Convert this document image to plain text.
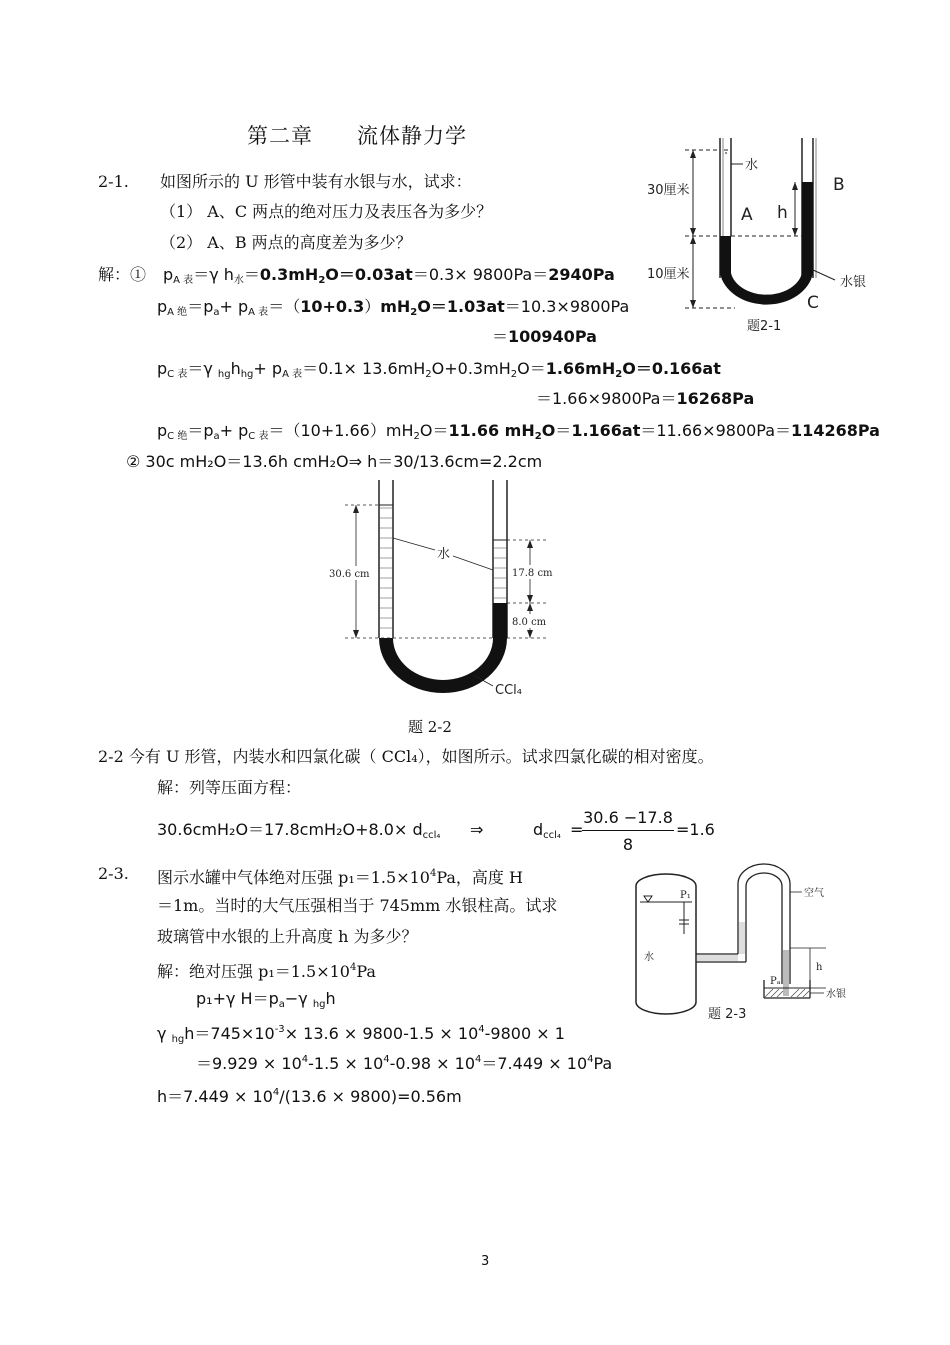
第二章　　流体静力学
2-1. 如图所示的 U 形管中装有水银与水，试求：
（1） A、C 两点的绝对压力及表压各为多少？
（2） A、B 两点的高度差为多少？
解：① $p_{A 表}=\gamma$ $h_水=0.3mH_2O=0.03at=0.3\times 9800Pa=2940Pa$
$p_{A 绝}=p_a+ p_{A 表}=(10+0.3)mH_2O=1.03at=10.3\times 9800Pa$
＝100940Pa
$p_{C 表}=\gamma$ $_{hg}h_{hg}+ p_{A 表}=0.1\times 13.6mH_2O+0.3mH_2O=1.66mH_2O=0.166at$
＝1.66×9800Pa＝16268Pa
$p_{C 绝}=p_a+ p_{C 表}=(10+1.66)mH_2O=11.66$ $mH_2O=1.166at=11.66\times 9800Pa=114268Pa$
② 30c mH₂O＝13.6h cmH₂O⇒ h＝30/13.6cm=2.2cm
水
30厘米
10厘米
A h
B
C
水银
题2-1
30.6 cm
水
17.8 cm
8.0 cm
CCl₄
题 2-2
2-2 今有 U 形管，内装水和四氯化碳（ CCl₄），如图所示。试求四氯化碳的相对密度。
解：列等压面方程：
$30.6cmH_2O=17.8cmH_2O+8.0\times d_{ccl_4}$ ⇒	$d_{ccl_4}$ =
30.6 −17.8
8
=1.6
2-3. 图示水罐中气体绝对压强 $p_1=1.5\times 10^4Pa$，高度 H
＝1m。当时的大气压强相当于 745mm 水银柱高。试求
玻璃管中水银的上升高度 h 为多少？
解：绝对压强 $p_1=1.5\times 10^4Pa$
p₁+γ $H=p_a-\gamma$ $_{hg}$h
γ $_{hg}h=745\times 10^{-3}\times 13.6 \times 9800-1.5 \times 10^4-9800 \times 1$
$=9.929 \times 10^4-1.5 \times 10^4-0.98 \times 10^4=7.449 \times 10^4Pa$
$h=7.449 \times 10^4/(13.6 \times 9800)=0.56m$
空气
P₁
水
h
Pₐ
水银
题 2-3
3
